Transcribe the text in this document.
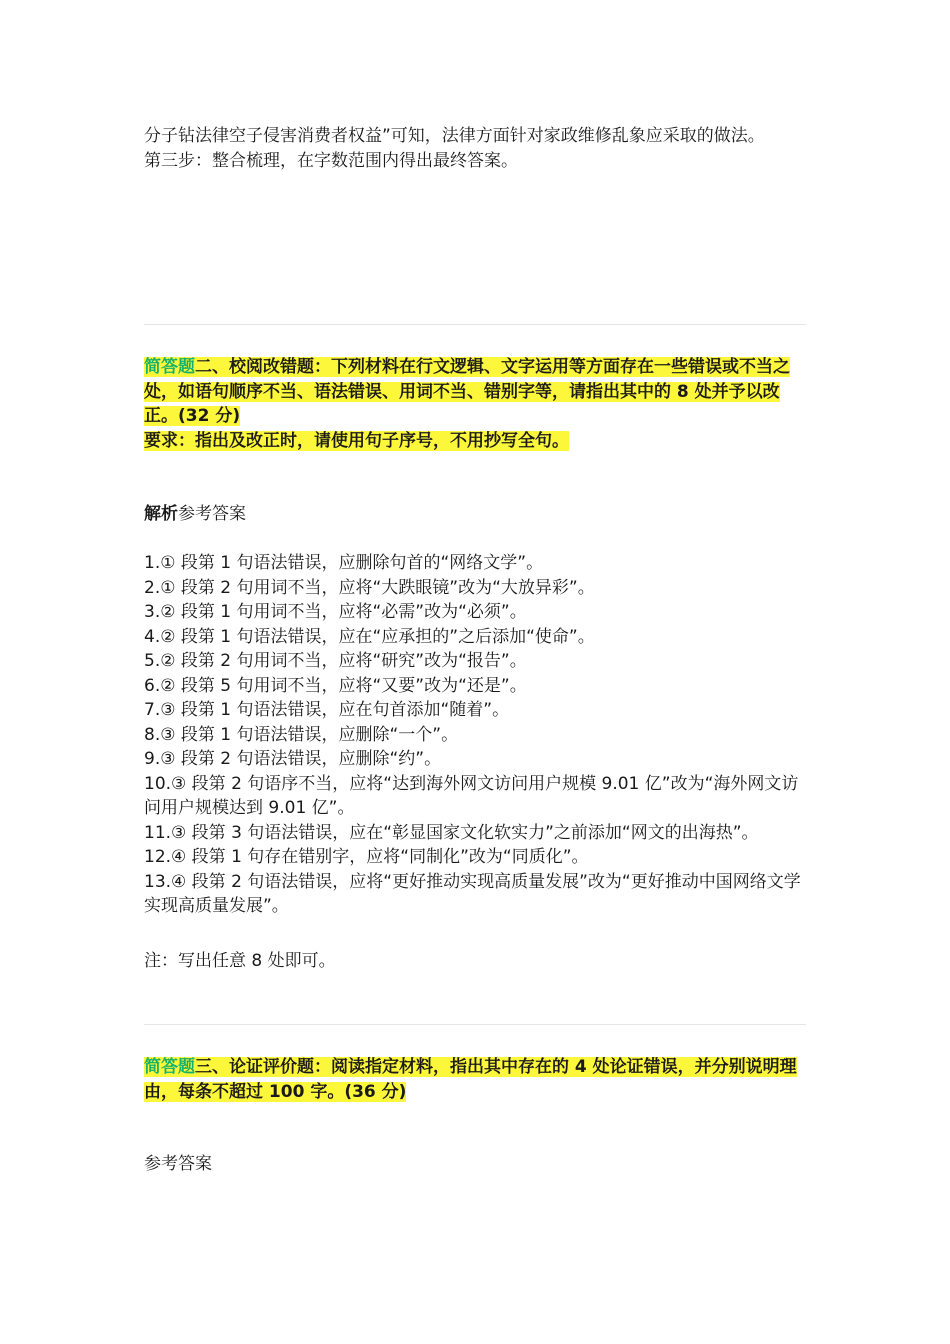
分子钻法律空子侵害消费者权益”可知，法律方面针对家政维修乱象应采取的做法。

第三步：整合梳理，在字数范围内得出最终答案。

简答题二、校阅改错题：下列材料在行文逻辑、文字运用等方面存在一些错误或不当之处，如语句顺序不当、语法错误、用词不当、错别字等，请指出其中的 8 处并予以改正。(32 分)
要求：指出及改正时，请使用句子序号，不用抄写全句。
解析参考答案

1.① 段第 1 句语法错误，应删除句首的“网络文学”。

2.① 段第 2 句用词不当，应将“大跌眼镜”改为“大放异彩”。

3.② 段第 1 句用词不当，应将“必需”改为“必须”。

4.② 段第 1 句语法错误，应在“应承担的”之后添加“使命”。

5.② 段第 2 句用词不当，应将“研究”改为“报告”。

6.② 段第 5 句用词不当，应将“又要”改为“还是”。

7.③ 段第 1 句语法错误，应在句首添加“随着”。

8.③ 段第 1 句语法错误，应删除“一个”。

9.③ 段第 2 句语法错误，应删除“约”。

10.③ 段第 2 句语序不当，应将“达到海外网文访问用户规模 9.01 亿”改为“海外网文访问用户规模达到 9.01 亿”。

11.③ 段第 3 句语法错误，应在“彰显国家文化软实力”之前添加“网文的出海热”。

12.④ 段第 1 句存在错别字，应将“同制化”改为“同质化”。

13.④ 段第 2 句语法错误，应将“更好推动实现高质量发展”改为“更好推动中国网络文学实现高质量发展”。

注：写出任意 8 处即可。
简答题三、论证评价题：阅读指定材料，指出其中存在的 4 处论证错误，并分别说明理由，每条不超过 100 字。(36 分)
参考答案
